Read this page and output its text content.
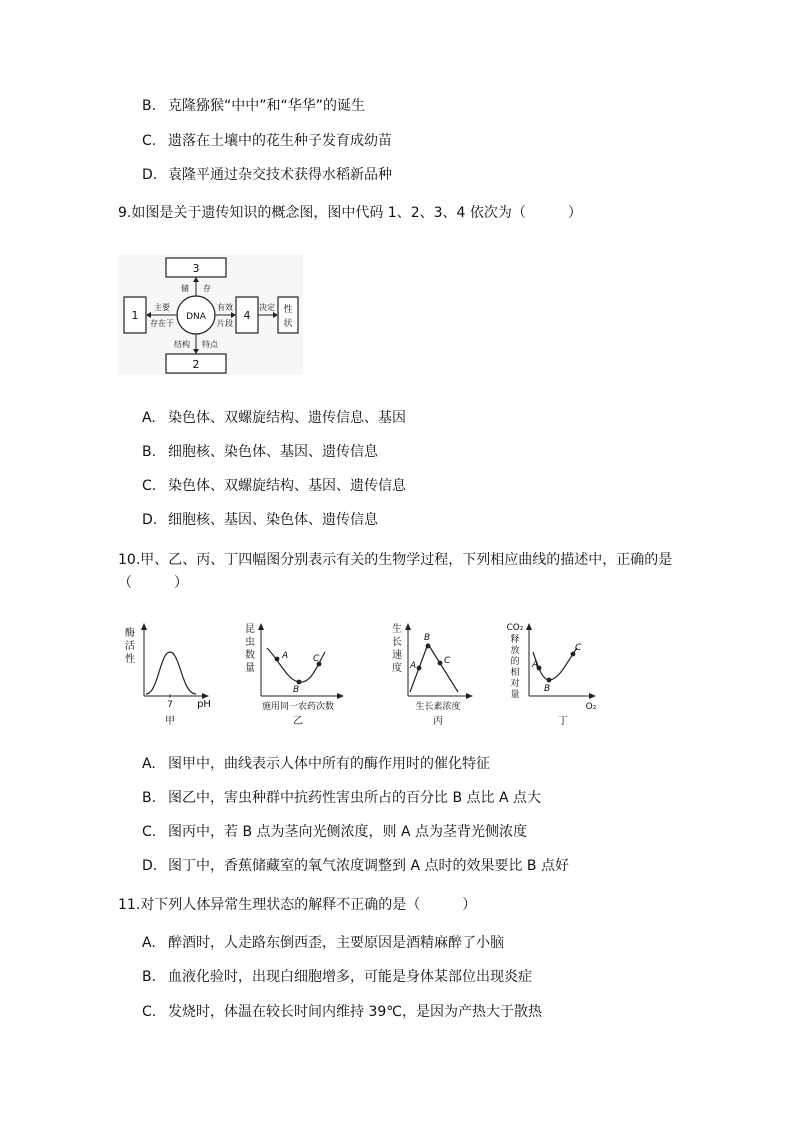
B. 克隆猕猴“中中”和“华华”的诞生
C. 遗落在土壤中的花生种子发育成幼苗
D. 袁隆平通过杂交技术获得水稻新品种
9.如图是关于遗传知识的概念图，图中代码 1、2、3、4 依次为（　　　）
3
2
1	4	性
状
DNA
储 存
主要
存在于
有效
片段
决定
结构 特点
A. 染色体、双螺旋结构、遗传信息、基因
B. 细胞核、染色体、基因、遗传信息
C. 染色体、双螺旋结构、基因、遗传信息
D. 细胞核、基因、染色体、遗传信息
10.甲、乙、丙、丁四幅图分别表示有关的生物学过程，下列相应曲线的描述中，正确的是
（　　　）
酶
活
性
7 pH
甲
昆
虫
数
量
A
B
C
施用同一农药次数
乙
生
长
速
度 A
B
C
生长素浓度
丙
CO₂
释
放
的
相
对
量
A
B
C
O₂
丁
A. 图甲中，曲线表示人体中所有的酶作用时的催化特征
B. 图乙中，害虫种群中抗药性害虫所占的百分比 B 点比 A 点大
C. 图丙中，若 B 点为茎向光侧浓度，则 A 点为茎背光侧浓度
D. 图丁中，香蕉储藏室的氧气浓度调整到 A 点时的效果要比 B 点好
11.对下列人体异常生理状态的解释不正确的是（　　　）
A. 醉酒时，人走路东倒西歪，主要原因是酒精麻醉了小脑
B. 血液化验时，出现白细胞增多，可能是身体某部位出现炎症
C. 发烧时，体温在较长时间内维持 39℃，是因为产热大于散热
